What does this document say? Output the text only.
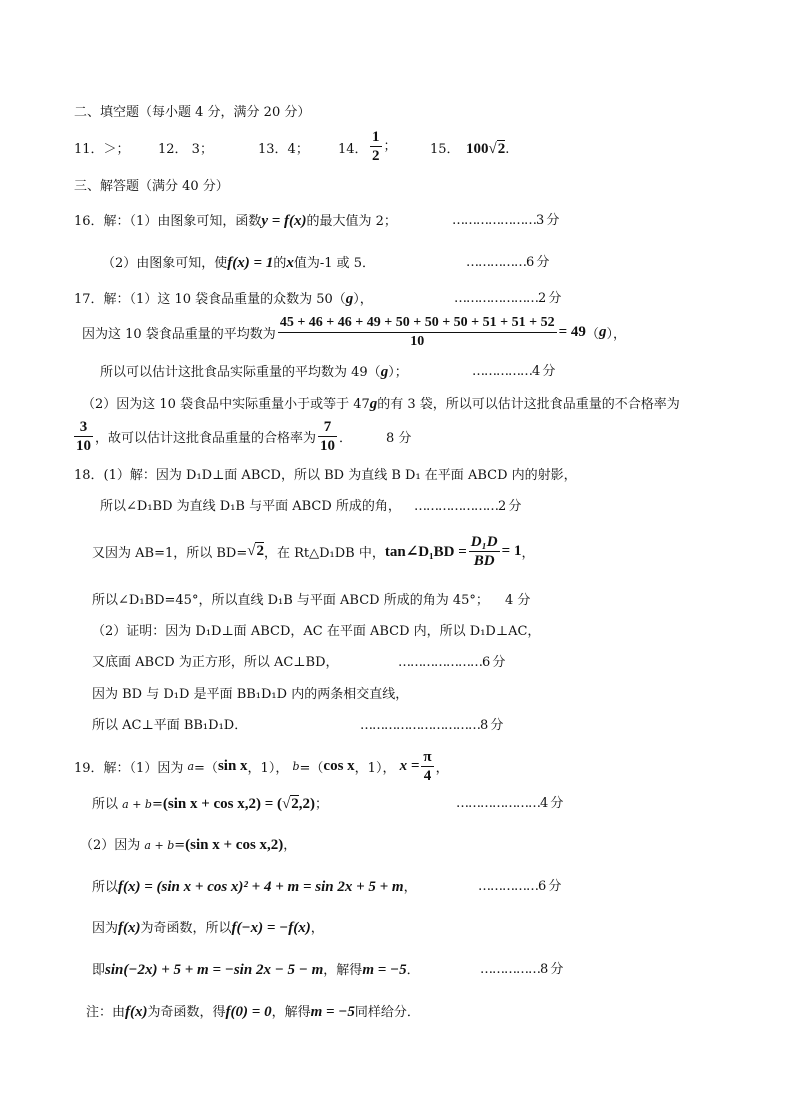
二、填空题（每小题 4 分，满分 20 分）
11．＞； 12． 3；	13．4； 14． $\frac{1}{2}$ ；	15． 100√2.
三、解答题（满分 40 分）
16．解：（1）由图象可知，函数y = f(x)的最大值为 2；	…………………3 分
（2）由图象可知，使f(x) = 1的x值为-1 或 5．	……………6 分
17．解：（1）这 10 袋食品重量的众数为 50（g），	…………………2 分
因为这 10 袋食品重量的平均数为 $\frac{45 + 46 + 46 + 49 + 50 + 50 + 50 + 51 + 51 + 52}{10} = 49(g)$，
所以可以估计这批食品实际重量的平均数为 49（g）；	……………4 分
（2）因为这 10 袋食品中实际重量小于或等于 47g的有 3 袋，所以可以估计这批食品重量的不合格率为
$\frac{3}{10}$ ，故可以估计这批食品重量的合格率为 $\frac{7}{10}$ ．	8 分
18．(1）解：因为 D₁D⊥面 ABCD，所以 BD 为直线 B D₁ 在平面 ABCD 内的射影，
所以∠D₁BD 为直线 D₁B 与平面 ABCD 所成的角， …………………2 分
又因为 AB=1，所以 BD=√2，在 Rt△D₁DB 中，tan∠D₁BD = $\frac{\text{D₁D}}{BD} = 1$，
所以∠D₁BD=45°，所以直线 D₁B 与平面 ABCD 所成的角为 45°； 4 分
（2）证明：因为 D₁D⊥面 ABCD，AC 在平面 ABCD 内，所以 D₁D⊥AC，
又底面 ABCD 为正方形，所以 AC⊥BD，	…………………6 分
因为 BD 与 D₁D 是平面 BB₁D₁D 内的两条相交直线，
所以 AC⊥平面 BB₁D₁D．	…………………………8 分
19．解：（1）因为 a=（sin x，1）， b=（cos x，1）， $x = \frac{\pi}{4}$ ，
所以 a + b=(sin x + cos x,2) = (√2,2)；	…………………4 分
（2）因为 a + b=(sin x + cos x,2)，
所以f(x) = (sin x + cos x)² + 4 + m = sin 2x + 5 + m，	……………6 分
因为f(x)为奇函数，所以f(−x) = −f(x)，
即sin(−2x) + 5 + m = −sin 2x − 5 − m，解得m = −5．	……………8 分
注：由f(x)为奇函数，得f(0) = 0，解得m = −5同样给分．
